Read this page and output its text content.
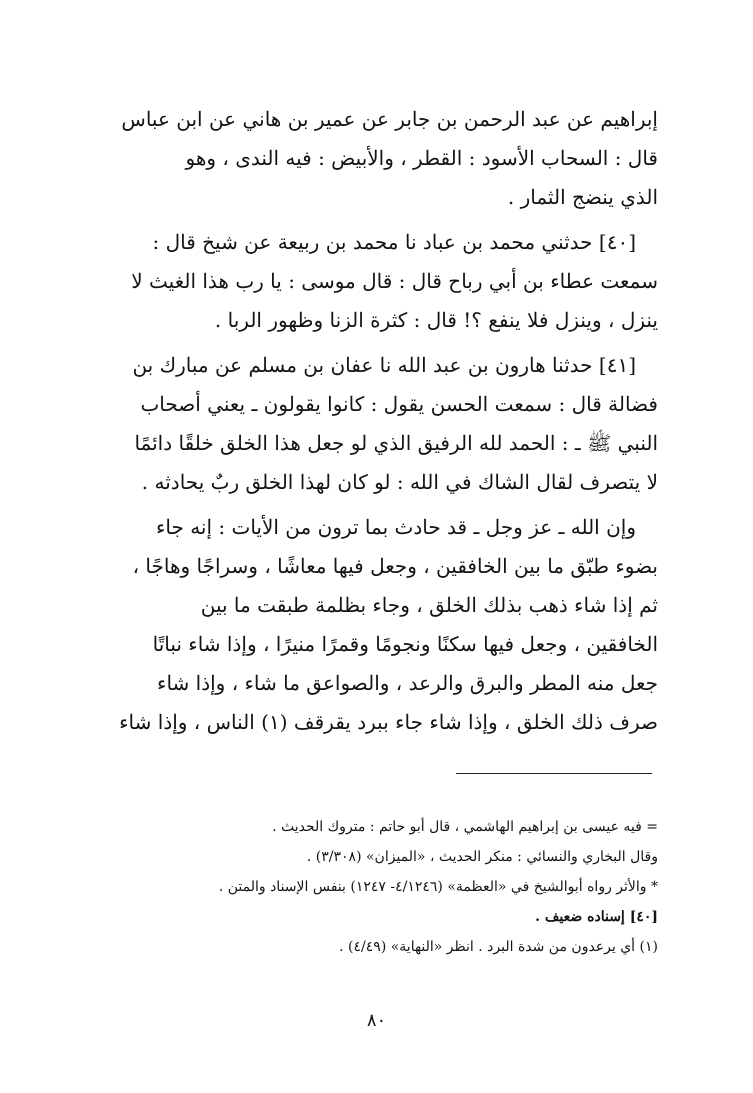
إبراهيم عن عبد الرحمن بن جابر عن عمير بن هاني عن ابن عباس
قال : السحاب الأسود : القطر ، والأبيض : فيه الندى ، وهو
الذي ينضج الثمار .

[٤٠] حدثني محمد بن عباد نا محمد بن ربيعة عن شيخ قال :
سمعت عطاء بن أبي رباح قال : قال موسى : يا رب هذا الغيث لا
ينزل ، وينزل فلا ينفع ؟! قال : كثرة الزنا وظهور الربا .

[٤١] حدثنا هارون بن عبد الله نا عفان بن مسلم عن مبارك بن
فضالة قال : سمعت الحسن يقول : كانوا يقولون ـ يعني أصحاب
النبي ﷺ ـ : الحمد لله الرفيق الذي لو جعل هذا الخلق خلقًا دائمًا
لا يتصرف لقال الشاك في الله : لو كان لهذا الخلق ربٌ يحادثه .

وإن الله ـ عز وجل ـ قد حادث بما ترون من الأيات : إنه جاء
بضوء طبّق ما بين الخافقين ، وجعل فيها معاشًا ، وسراجًا وهاجًا ،
ثم إذا شاء ذهب بذلك الخلق ، وجاء بظلمة طبقت ما بين
الخافقين ، وجعل فيها سكنًا ونجومًا وقمرًا منيرًا ، وإذا شاء نباتًا
جعل منه المطر والبرق والرعد ، والصواعق ما شاء ، وإذا شاء
صرف ذلك الخلق ، وإذا شاء جاء ببرد يقرقف (١) الناس ، وإذا شاء

= فيه عيسى بن إبراهيم الهاشمي ، قال أبو حاتم : متروك الحديث .

وقال البخاري والنسائي : منكر الحديث ، «الميزان» (٣/٣٠٨) .

* والأثر رواه أبوالشيخ في «العظمة» (٤/١٢٤٦- ١٢٤٧) بنفس الإسناد والمتن .

[٤٠] إسناده ضعيف .

(١) أي يرعدون من شدة البرد . انظر «النهاية» (٤/٤٩) .

٨٠
